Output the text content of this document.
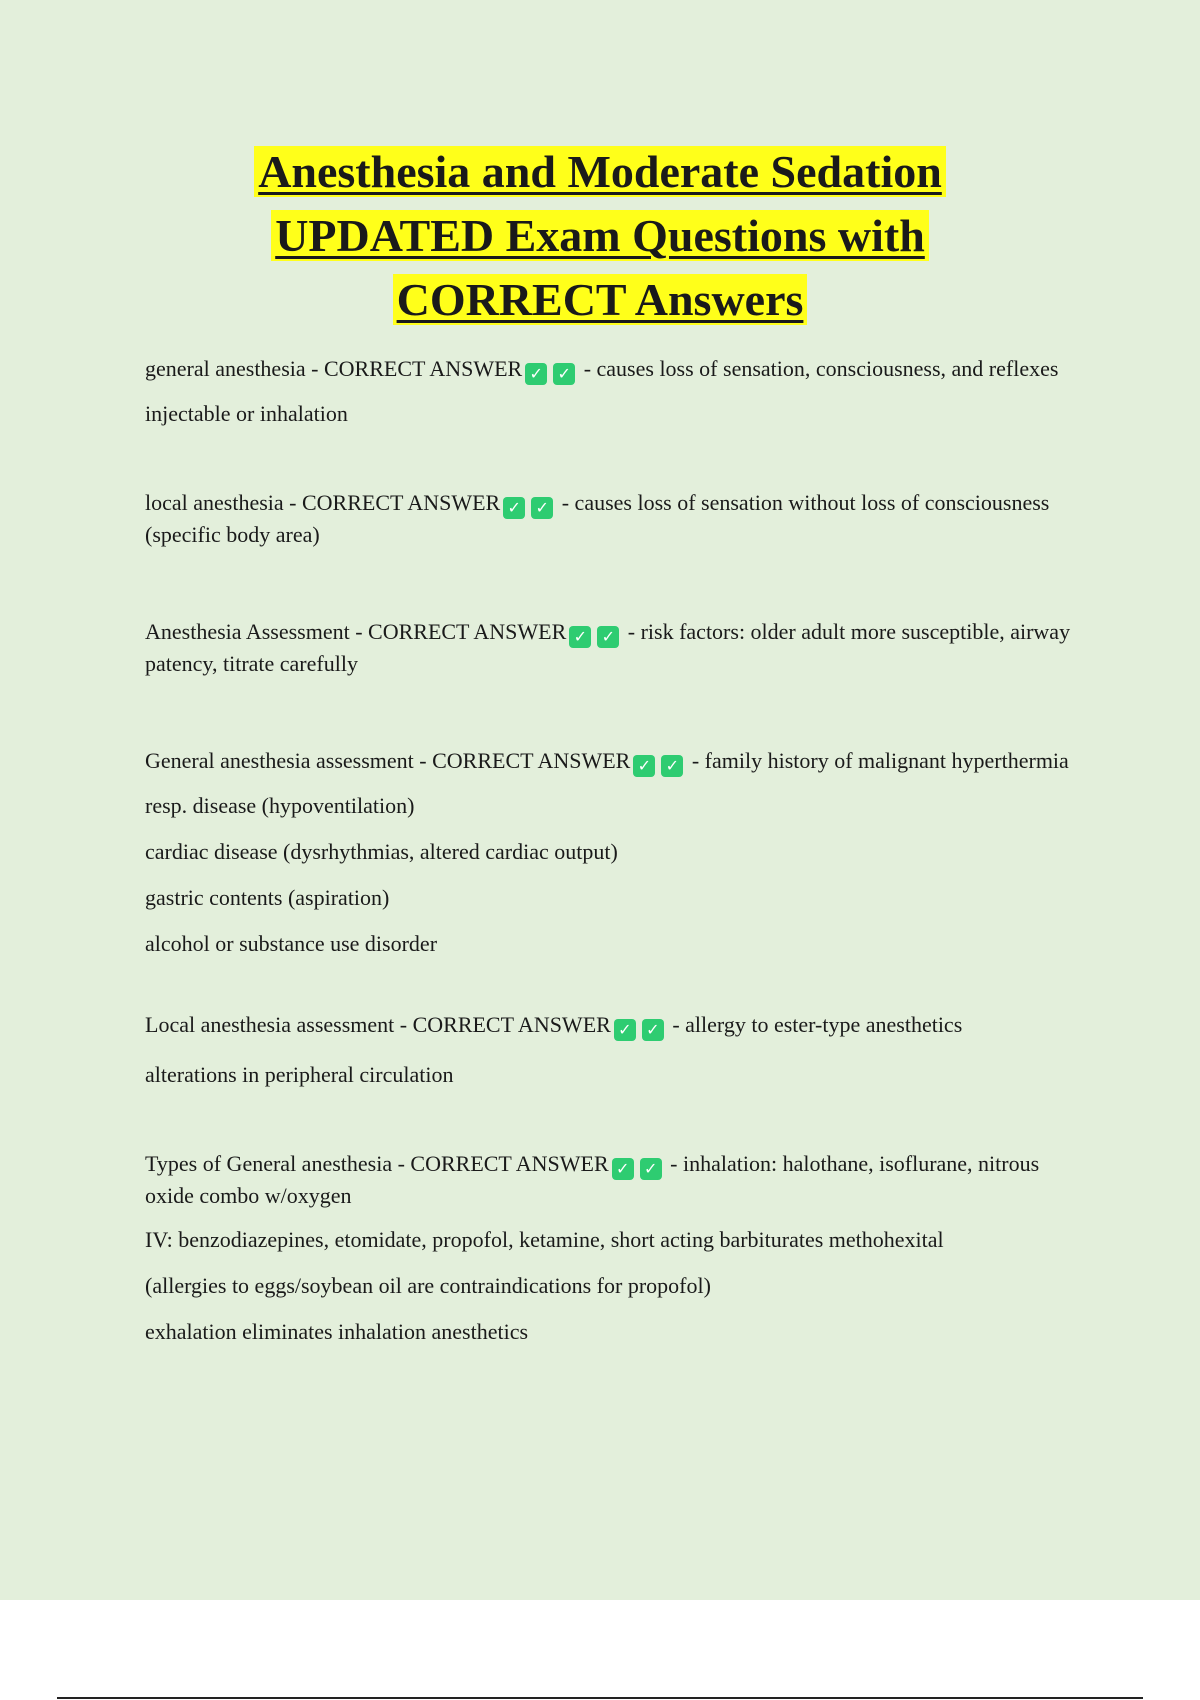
Anesthesia and Moderate Sedation
UPDATED Exam Questions with
CORRECT Answers

general anesthesia - CORRECT ANSWER ✓ ✓ - causes loss of sensation, consciousness, and reflexes

injectable or inhalation

local anesthesia - CORRECT ANSWER ✓ ✓ - causes loss of sensation without loss of consciousness (specific body area)

Anesthesia Assessment - CORRECT ANSWER ✓ ✓ - risk factors: older adult more susceptible, airway patency, titrate carefully

General anesthesia assessment - CORRECT ANSWER ✓ ✓ - family history of malignant hyperthermia

resp. disease (hypoventilation)

cardiac disease (dysrhythmias, altered cardiac output)

gastric contents (aspiration)

alcohol or substance use disorder

Local anesthesia assessment - CORRECT ANSWER ✓ ✓ - allergy to ester-type anesthetics

alterations in peripheral circulation

Types of General anesthesia - CORRECT ANSWER ✓ ✓ - inhalation: halothane, isoflurane, nitrous oxide combo w/oxygen

IV: benzodiazepines, etomidate, propofol, ketamine, short acting barbiturates methohexital

(allergies to eggs/soybean oil are contraindications for propofol)

exhalation eliminates inhalation anesthetics
